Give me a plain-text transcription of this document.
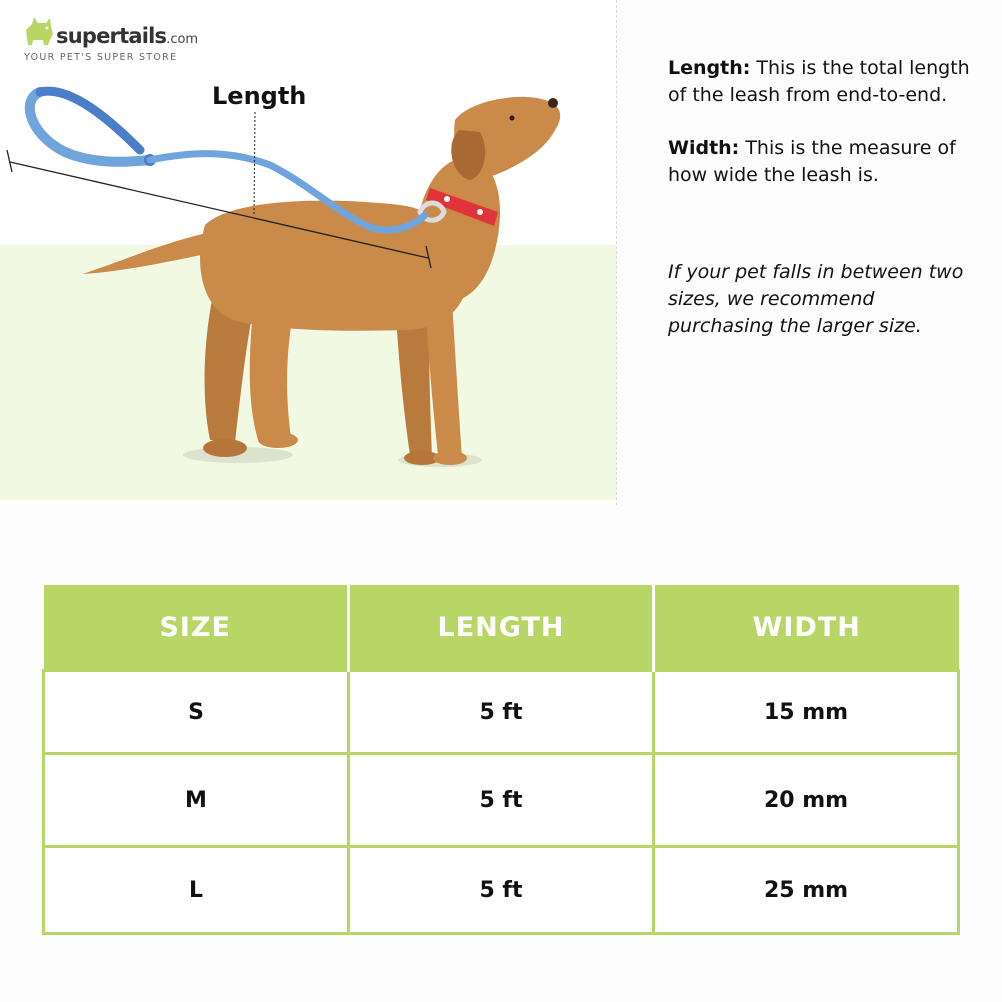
supertails.com
YOUR PET'S SUPER STORE
Length

Length: This is the total length of the leash from end-to-end.

Width: This is the measure of how wide the leash is.

If your pet falls in between two sizes, we recommend purchasing the larger size.

SIZE	LENGTH	WIDTH
S	5 ft	15 mm
M	5 ft	20 mm
L	5 ft	25 mm
